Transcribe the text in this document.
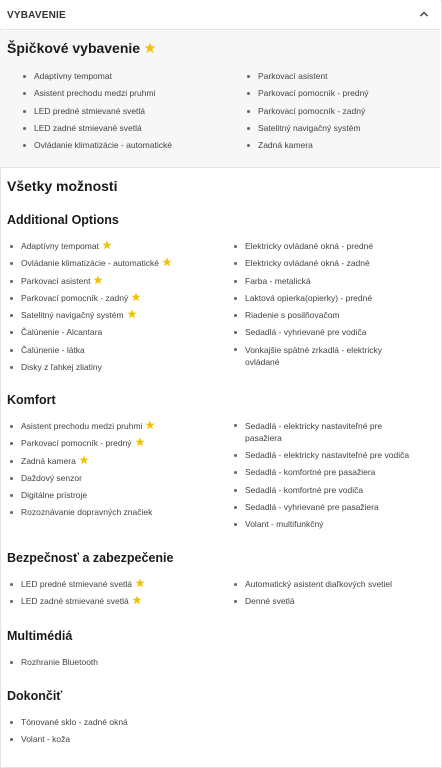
VYBAVENIE
Špičkové vybavenie
Adaptívny tempomat
Asistent prechodu medzi pruhmi
LED predné stmievané svetlá
LED zadné stmievané svetlá
Ovládanie klimatizácie - automatické
Parkovací asistent
Parkovací pomocník - predný
Parkovací pomocník - zadný
Satelitný navigačný systém
Zadná kamera
Všetky možnosti
Additional Options
Adaptívny tempomat
Ovládanie klimatizácie - automatické
Parkovací asistent
Parkovací pomocník - zadný
Satelitný navigačný systém
Čalúnenie - Alcantara
Čalúnenie - látka
Disky z ľahkej zliatiny
Elektricky ovládané okná - predné
Elektricky ovládané okná - zadné
Farba - metalická
Laktová opierka(opierky) - predné
Riadenie s posilňovačom
Sedadlá - vyhrievané pre vodiča
Vonkajšie spätné zrkadlá - elektricky ovládané
Komfort
Asistent prechodu medzi pruhmi
Parkovací pomocník - predný
Zadná kamera
Daždový senzor
Digitálne prístroje
Rozoznávanie dopravných značiek
Sedadlá - elektricky nastaviteľné pre pasažiera
Sedadlá - elektricky nastaviteľné pre vodiča
Sedadlá - komfortné pre pasažiera
Sedadlá - komfortné pre vodiča
Sedadlá - vyhrievané pre pasažiera
Volant - multifunkčný
Bezpečnosť a zabezpečenie
LED predné stmievané svetlá
LED zadné stmievané svetlá
Automatický asistent diaľkových svetiel
Denné svetlá
Multimédiá
Rozhranie Bluetooth
Dokončiť
Tónované sklo - zadné okná
Volant - koža
